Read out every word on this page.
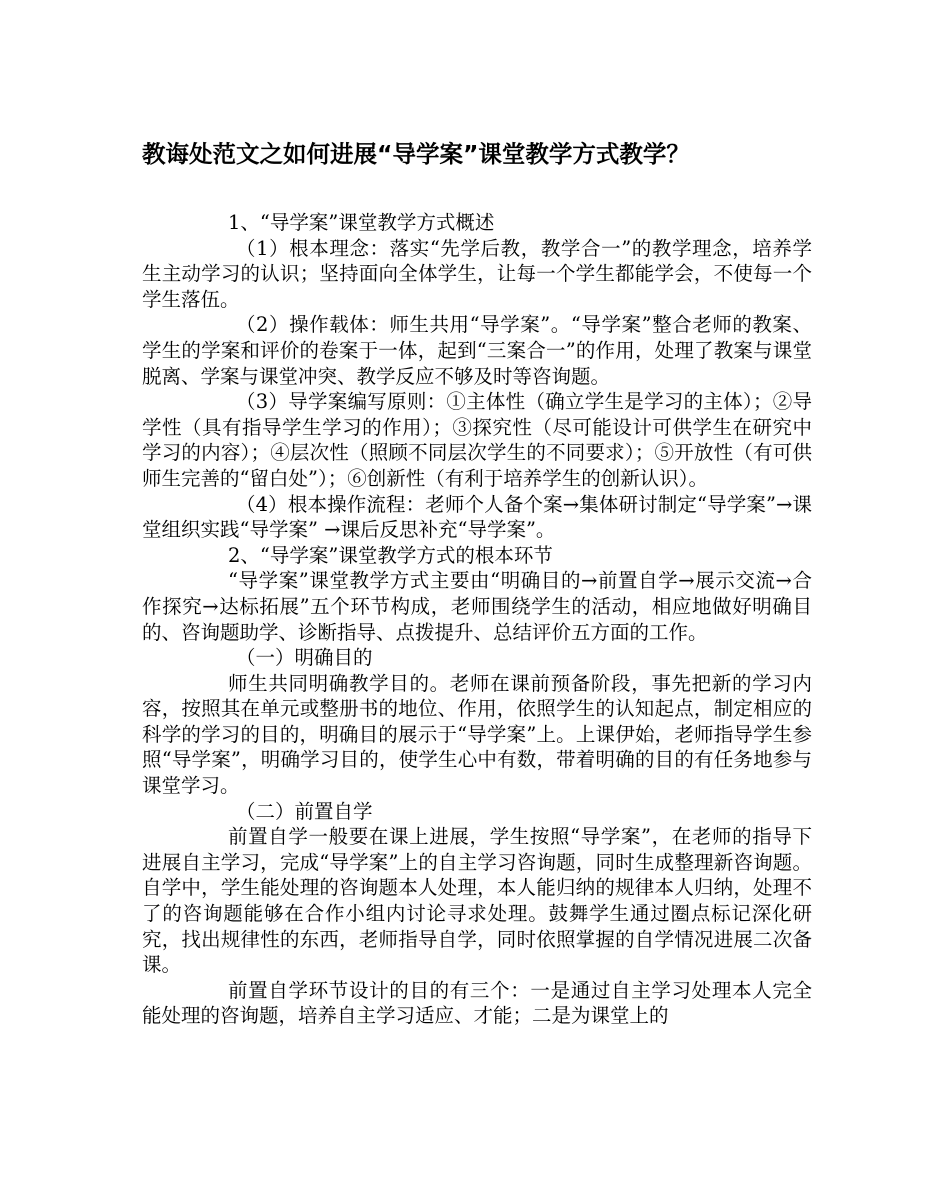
教诲处范文之如何进展“导学案”课堂教学方式教学？

1、“导学案”课堂教学方式概述

（1）根本理念：落实“先学后教，教学合一”的教学理念，培养学生主动学习的认识；坚持面向全体学生，让每一个学生都能学会，不使每一个学生落伍。

（2）操作载体：师生共用“导学案”。“导学案”整合老师的教案、学生的学案和评价的卷案于一体，起到“三案合一”的作用，处理了教案与课堂脱离、学案与课堂冲突、教学反应不够及时等咨询题。

（3）导学案编写原则：①主体性（确立学生是学习的主体）；②导学性（具有指导学生学习的作用）；③探究性（尽可能设计可供学生在研究中学习的内容）；④层次性（照顾不同层次学生的不同要求）；⑤开放性（有可供师生完善的“留白处”）；⑥创新性（有利于培养学生的创新认识）。

（4）根本操作流程：老师个人备个案→集体研讨制定“导学案”→课堂组织实践“导学案” →课后反思补充“导学案”。

2、“导学案”课堂教学方式的根本环节

“导学案”课堂教学方式主要由“明确目的→前置自学→展示交流→合作探究→达标拓展”五个环节构成，老师围绕学生的活动，相应地做好明确目的、咨询题助学、诊断指导、点拨提升、总结评价五方面的工作。

（一）明确目的

师生共同明确教学目的。老师在课前预备阶段，事先把新的学习内容，按照其在单元或整册书的地位、作用，依照学生的认知起点，制定相应的科学的学习的目的，明确目的展示于“导学案”上。上课伊始，老师指导学生参照“导学案”，明确学习目的，使学生心中有数，带着明确的目的有任务地参与课堂学习。

（二）前置自学

前置自学一般要在课上进展，学生按照“导学案”，在老师的指导下进展自主学习，完成“导学案”上的自主学习咨询题，同时生成整理新咨询题。自学中，学生能处理的咨询题本人处理，本人能归纳的规律本人归纳，处理不了的咨询题能够在合作小组内讨论寻求处理。鼓舞学生通过圈点标记深化研究，找出规律性的东西，老师指导自学，同时依照掌握的自学情况进展二次备课。

前置自学环节设计的目的有三个：一是通过自主学习处理本人完全能处理的咨询题，培养自主学习适应、才能；二是为课堂上的
